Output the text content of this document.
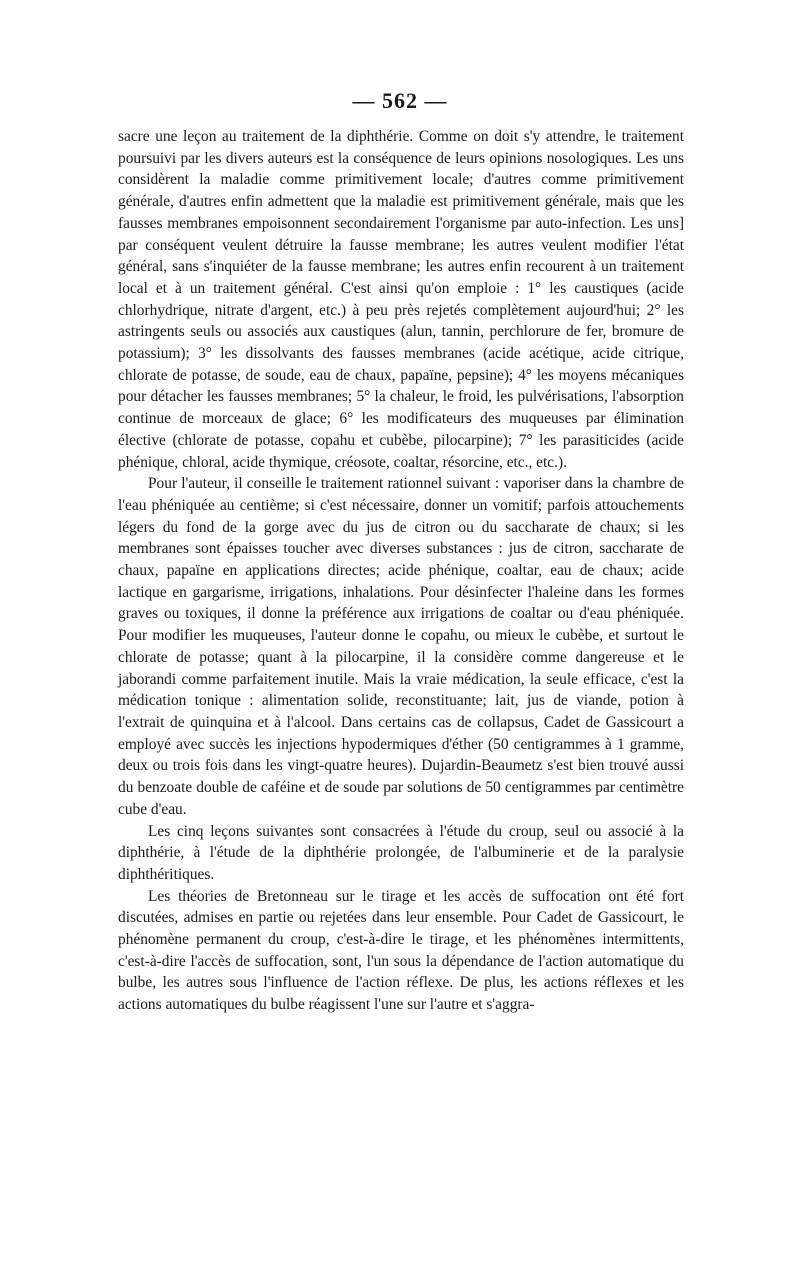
— 562 —

sacre une leçon au traitement de la diphthérie. Comme on doit s'y attendre, le traitement poursuivi par les divers auteurs est la conséquence de leurs opinions nosologiques. Les uns considèrent la maladie comme primitivement locale; d'autres comme primitivement générale, d'autres enfin admettent que la maladie est primitivement générale, mais que les fausses membranes empoisonnent secondairement l'organisme par auto-infection. Les uns] par conséquent veulent détruire la fausse membrane; les autres veulent modifier l'état général, sans s'inquiéter de la fausse membrane; les autres enfin recourent à un traitement local et à un traitement général. C'est ainsi qu'on emploie : 1° les caustiques (acide chlorhydrique, nitrate d'argent, etc.) à peu près rejetés complètement aujourd'hui; 2° les astringents seuls ou associés aux caustiques (alun, tannin, perchlorure de fer, bromure de potassium); 3° les dissolvants des fausses membranes (acide acétique, acide citrique, chlorate de potasse, de soude, eau de chaux, papaïne, pepsine); 4° les moyens mécaniques pour détacher les fausses membranes; 5° la chaleur, le froid, les pulvérisations, l'absorption continue de morceaux de glace; 6° les modificateurs des muqueuses par élimination élective (chlorate de potasse, copahu et cubèbe, pilocarpine); 7° les parasiticides (acide phénique, chloral, acide thymique, créosote, coaltar, résorcine, etc., etc.).

Pour l'auteur, il conseille le traitement rationnel suivant : vaporiser dans la chambre de l'eau phéniquée au centième; si c'est nécessaire, donner un vomitif; parfois attouchements légers du fond de la gorge avec du jus de citron ou du saccharate de chaux; si les membranes sont épaisses toucher avec diverses substances : jus de citron, saccharate de chaux, papaïne en applications directes; acide phénique, coaltar, eau de chaux; acide lactique en gargarisme, irrigations, inhalations. Pour désinfecter l'haleine dans les formes graves ou toxiques, il donne la préférence aux irrigations de coaltar ou d'eau phéniquée. Pour modifier les muqueuses, l'auteur donne le copahu, ou mieux le cubèbe, et surtout le chlorate de potasse; quant à la pilocarpine, il la considère comme dangereuse et le jaborandi comme parfaitement inutile. Mais la vraie médication, la seule efficace, c'est la médication tonique : alimentation solide, reconstituante; lait, jus de viande, potion à l'extrait de quinquina et à l'alcool. Dans certains cas de collapsus, Cadet de Gassicourt a employé avec succès les injections hypodermiques d'éther (50 centigrammes à 1 gramme, deux ou trois fois dans les vingt-quatre heures). Dujardin-Beaumetz s'est bien trouvé aussi du benzoate double de caféine et de soude par solutions de 50 centigrammes par centimètre cube d'eau.

Les cinq leçons suivantes sont consacrées à l'étude du croup, seul ou associé à la diphthérie, à l'étude de la diphthérie prolongée, de l'albuminerie et de la paralysie diphthéritiques.

Les théories de Bretonneau sur le tirage et les accès de suffocation ont été fort discutées, admises en partie ou rejetées dans leur ensemble. Pour Cadet de Gassicourt, le phénomène permanent du croup, c'est-à-dire le tirage, et les phénomènes intermittents, c'est-à-dire l'accès de suffocation, sont, l'un sous la dépendance de l'action automatique du bulbe, les autres sous l'influence de l'action réflexe. De plus, les actions réflexes et les actions automatiques du bulbe réagissent l'une sur l'autre et s'aggra-
